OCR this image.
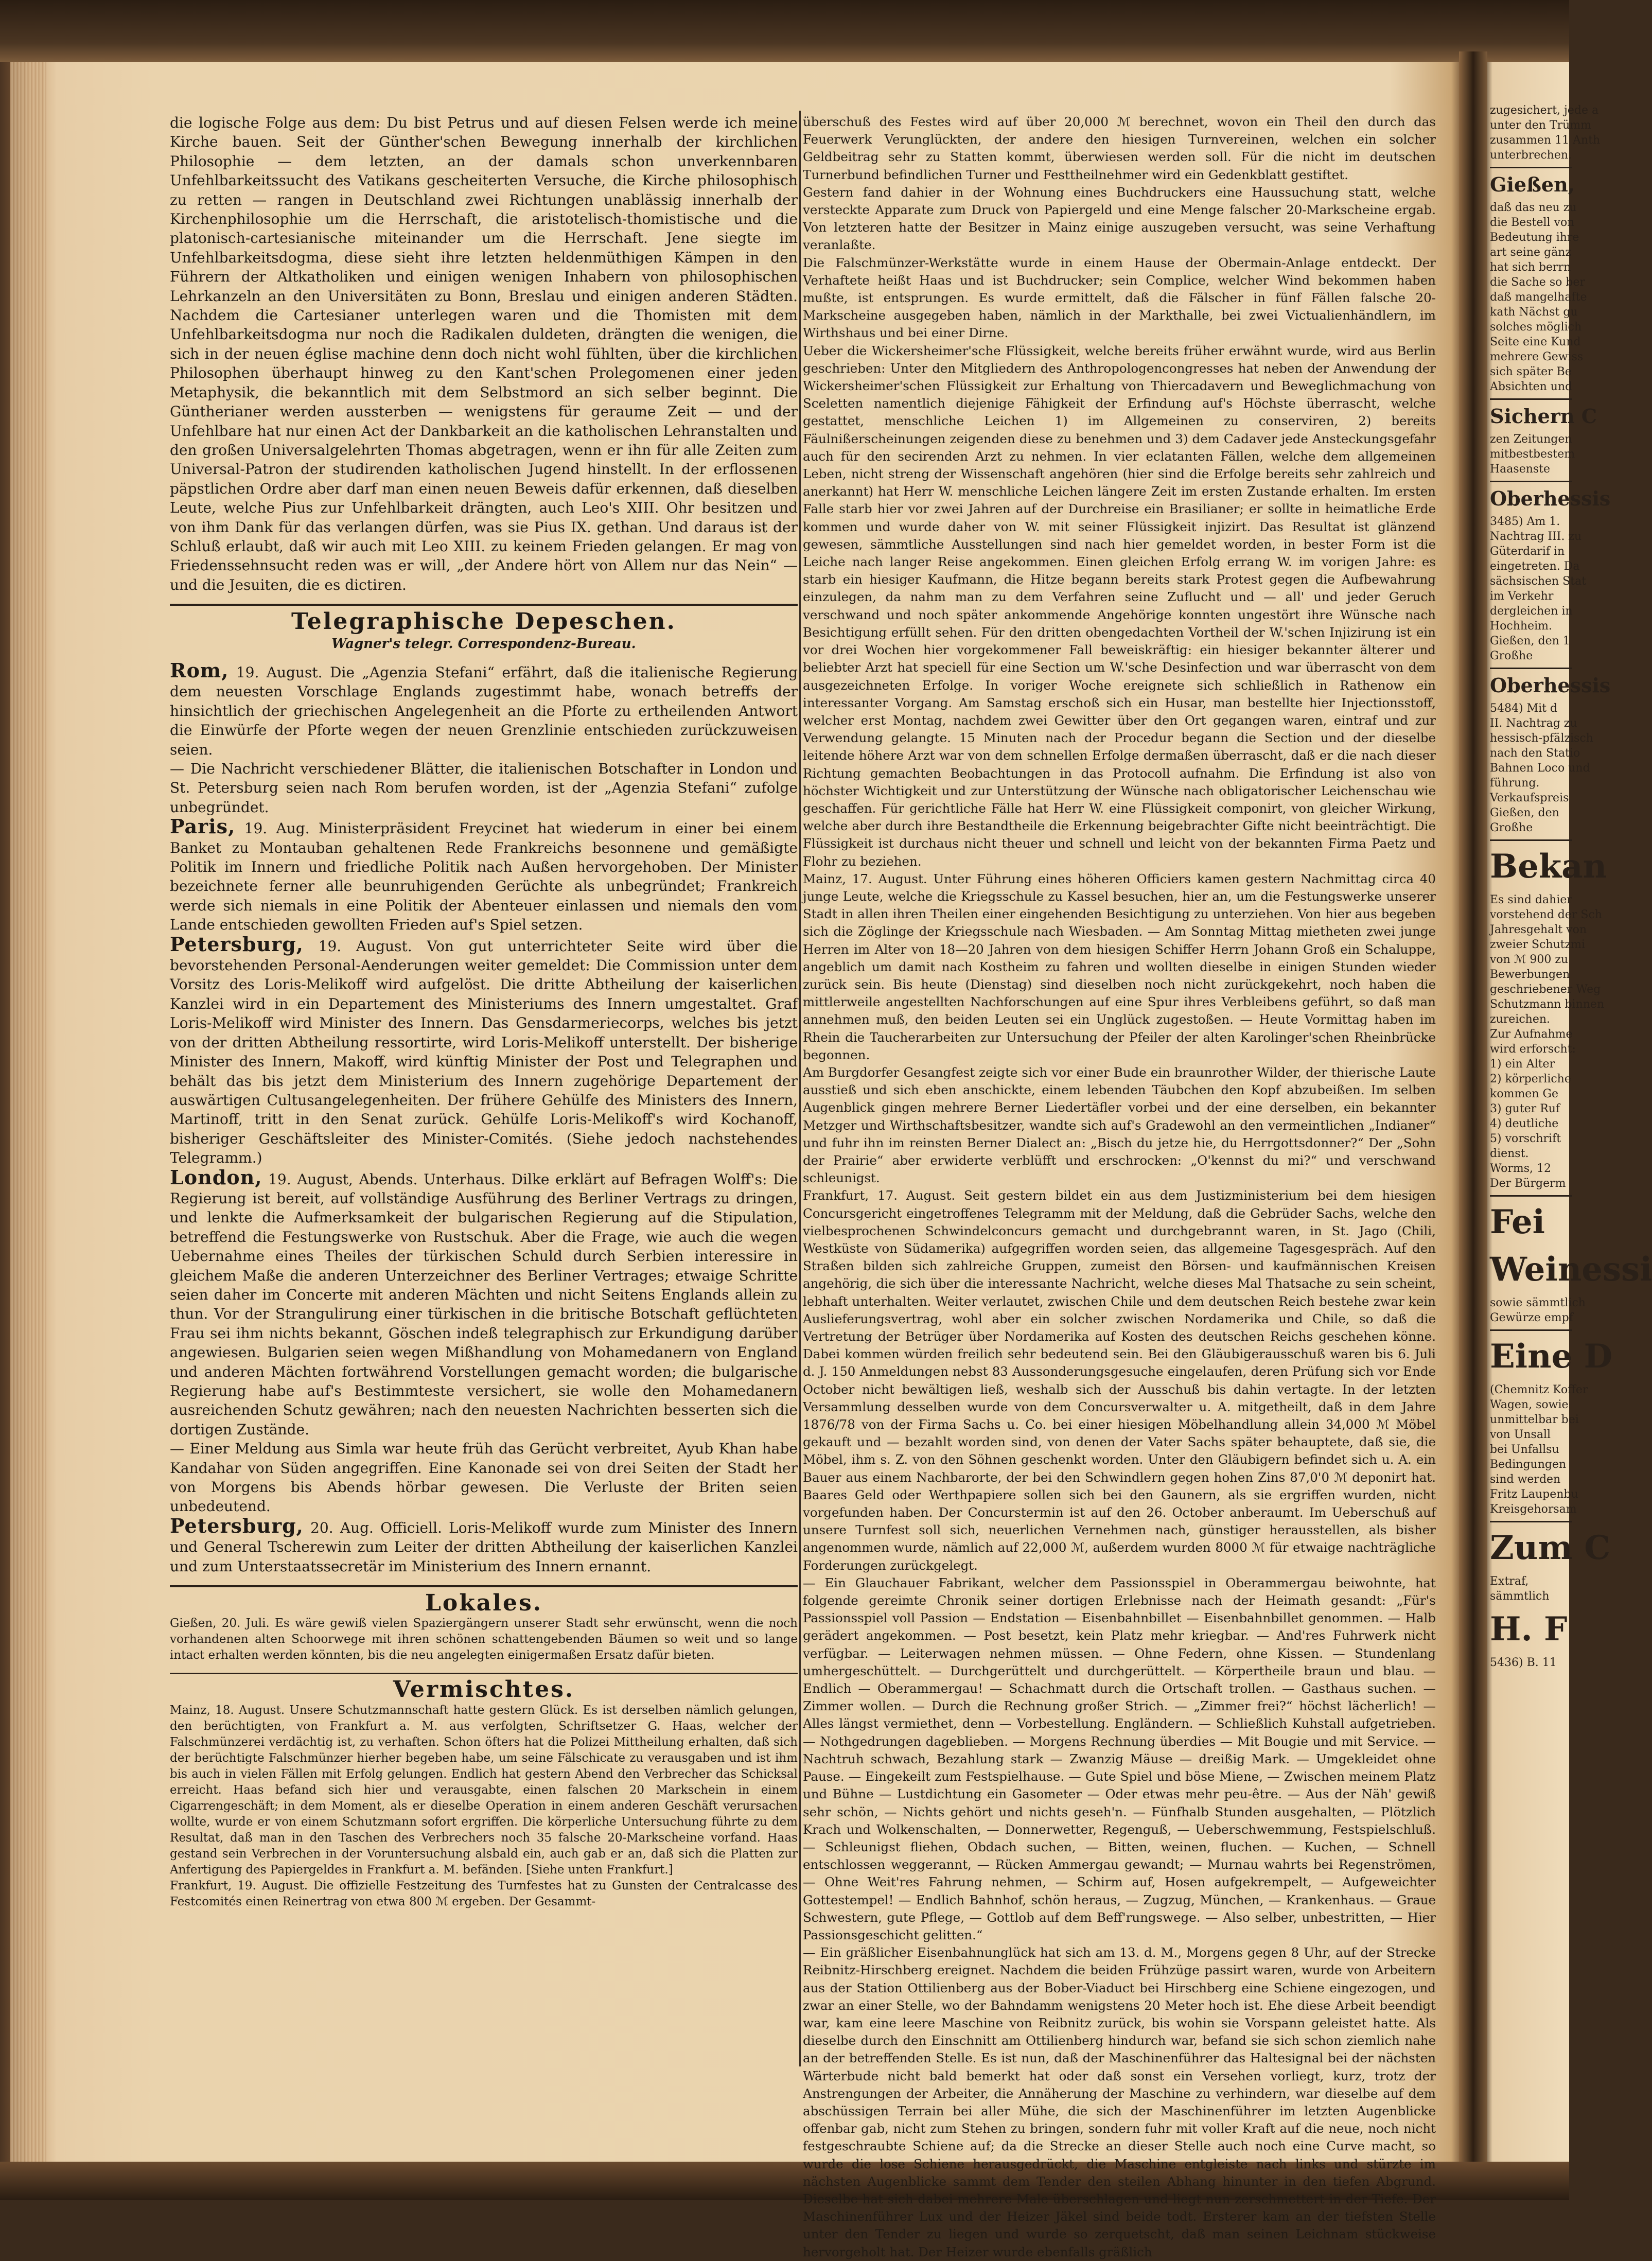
die logische Folge aus dem: Du bist Petrus und auf diesen Felsen werde ich meine Kirche bauen. Seit der Günther'schen Bewegung innerhalb der kirchlichen Philosophie — dem letzten, an der damals schon unverkennbaren Unfehlbarkeitssucht des Vatikans gescheiterten Versuche, die Kirche philosophisch zu retten — rangen in Deutschland zwei Richtungen unablässig innerhalb der Kirchenphilosophie um die Herrschaft, die aristotelisch-thomistische und die platonisch-cartesianische miteinander um die Herrschaft. Jene siegte im Unfehlbarkeitsdogma, diese sieht ihre letzten heldenmüthigen Kämpen in den Führern der Altkatholiken und einigen wenigen Inhabern von philosophischen Lehrkanzeln an den Universitäten zu Bonn, Breslau und einigen anderen Städten. Nachdem die Cartesianer unterlegen waren und die Thomisten mit dem Unfehlbarkeitsdogma nur noch die Radikalen duldeten, drängten die wenigen, die sich in der neuen église machine denn doch nicht wohl fühlten, über die kirchlichen Philosophen überhaupt hinweg zu den Kant'schen Prolegomenen einer jeden Metaphysik, die bekanntlich mit dem Selbstmord an sich selber beginnt. Die Güntherianer werden aussterben — wenigstens für geraume Zeit — und der Unfehlbare hat nur einen Act der Dankbarkeit an die katholischen Lehranstalten und den großen Universalgelehrten Thomas abgetragen, wenn er ihn für alle Zeiten zum Universal-Patron der studirenden katholischen Jugend hinstellt. In der erflossenen päpstlichen Ordre aber darf man einen neuen Beweis dafür erkennen, daß dieselben Leute, welche Pius zur Unfehlbarkeit drängten, auch Leo's XIII. Ohr besitzen und von ihm Dank für das verlangen dürfen, was sie Pius IX. gethan. Und daraus ist der Schluß erlaubt, daß wir auch mit Leo XIII. zu keinem Frieden gelangen. Er mag von Friedenssehnsucht reden was er will, „der Andere hört von Allem nur das Nein“ — und die Jesuiten, die es dictiren.

Telegraphische Depeschen.
Wagner's telegr. Correspondenz-Bureau.

Rom, 19. August. Die „Agenzia Stefani“ erfährt, daß die italienische Regierung dem neuesten Vorschlage Englands zugestimmt habe, wonach betreffs der hinsichtlich der griechischen Angelegenheit an die Pforte zu ertheilenden Antwort die Einwürfe der Pforte wegen der neuen Grenzlinie entschieden zurückzuweisen seien.

— Die Nachricht verschiedener Blätter, die italienischen Botschafter in London und St. Petersburg seien nach Rom berufen worden, ist der „Agenzia Stefani“ zufolge unbegründet.

Paris, 19. Aug. Ministerpräsident Freycinet hat wiederum in einer bei einem Banket zu Montauban gehaltenen Rede Frankreichs besonnene und gemäßigte Politik im Innern und friedliche Politik nach Außen hervorgehoben. Der Minister bezeichnete ferner alle beunruhigenden Gerüchte als unbegründet; Frankreich werde sich niemals in eine Politik der Abenteuer einlassen und niemals den vom Lande entschieden gewollten Frieden auf's Spiel setzen.

Petersburg, 19. August. Von gut unterrichteter Seite wird über die bevorstehenden Personal-Aenderungen weiter gemeldet: Die Commission unter dem Vorsitz des Loris-Melikoff wird aufgelöst. Die dritte Abtheilung der kaiserlichen Kanzlei wird in ein Departement des Ministeriums des Innern umgestaltet. Graf Loris-Melikoff wird Minister des Innern. Das Gensdarmeriecorps, welches bis jetzt von der dritten Abtheilung ressortirte, wird Loris-Melikoff unterstellt. Der bisherige Minister des Innern, Makoff, wird künftig Minister der Post und Telegraphen und behält das bis jetzt dem Ministerium des Innern zugehörige Departement der auswärtigen Cultusangelegenheiten. Der frühere Gehülfe des Ministers des Innern, Martinoff, tritt in den Senat zurück. Gehülfe Loris-Melikoff's wird Kochanoff, bisheriger Geschäftsleiter des Minister-Comités. (Siehe jedoch nachstehendes Telegramm.)

London, 19. August, Abends. Unterhaus. Dilke erklärt auf Befragen Wolff's: Die Regierung ist bereit, auf vollständige Ausführung des Berliner Vertrags zu dringen, und lenkte die Aufmerksamkeit der bulgarischen Regierung auf die Stipulation, betreffend die Festungswerke von Rustschuk. Aber die Frage, wie auch die wegen Uebernahme eines Theiles der türkischen Schuld durch Serbien interessire in gleichem Maße die anderen Unterzeichner des Berliner Vertrages; etwaige Schritte seien daher im Concerte mit anderen Mächten und nicht Seitens Englands allein zu thun. Vor der Strangulirung einer türkischen in die britische Botschaft geflüchteten Frau sei ihm nichts bekannt, Göschen indeß telegraphisch zur Erkundigung darüber angewiesen. Bulgarien seien wegen Mißhandlung von Mohamedanern von England und anderen Mächten fortwährend Vorstellungen gemacht worden; die bulgarische Regierung habe auf's Bestimmteste versichert, sie wolle den Mohamedanern ausreichenden Schutz gewähren; nach den neuesten Nachrichten besserten sich die dortigen Zustände.

— Einer Meldung aus Simla war heute früh das Gerücht verbreitet, Ayub Khan habe Kandahar von Süden angegriffen. Eine Kanonade sei von drei Seiten der Stadt her von Morgens bis Abends hörbar gewesen. Die Verluste der Briten seien unbedeutend.

Petersburg, 20. Aug. Officiell. Loris-Melikoff wurde zum Minister des Innern und General Tscherewin zum Leiter der dritten Abtheilung der kaiserlichen Kanzlei und zum Unterstaatssecretär im Ministerium des Innern ernannt.

Lokales.

Gießen, 20. Juli. Es wäre gewiß vielen Spaziergängern unserer Stadt sehr erwünscht, wenn die noch vorhandenen alten Schoorwege mit ihren schönen schattengebenden Bäumen so weit und so lange intact erhalten werden könnten, bis die neu angelegten einigermaßen Ersatz dafür bieten.

Vermischtes.

Mainz, 18. August. Unsere Schutzmannschaft hatte gestern Glück. Es ist derselben nämlich gelungen, den berüchtigten, von Frankfurt a. M. aus verfolgten, Schriftsetzer G. Haas, welcher der Falschmünzerei verdächtig ist, zu verhaften. Schon öfters hat die Polizei Mittheilung erhalten, daß sich der berüchtigte Falschmünzer hierher begeben habe, um seine Fälschicate zu verausgaben und ist ihm bis auch in vielen Fällen mit Erfolg gelungen. Endlich hat gestern Abend den Verbrecher das Schicksal erreicht. Haas befand sich hier und verausgabte, einen falschen 20 Markschein in einem Cigarrengeschäft; in dem Moment, als er dieselbe Operation in einem anderen Geschäft verursachen wollte, wurde er von einem Schutzmann sofort ergriffen. Die körperliche Untersuchung führte zu dem Resultat, daß man in den Taschen des Verbrechers noch 35 falsche 20-Markscheine vorfand. Haas gestand sein Verbrechen in der Voruntersuchung alsbald ein, auch gab er an, daß sich die Platten zur Anfertigung des Papiergeldes in Frankfurt a. M. befänden. [Siehe unten Frankfurt.]

Frankfurt, 19. August. Die offizielle Festzeitung des Turnfestes hat zu Gunsten der Centralcasse des Festcomités einen Reinertrag von etwa 800 ℳ ergeben. Der Gesammt-

überschuß des Festes wird auf über 20,000 ℳ berechnet, wovon ein Theil den durch das Feuerwerk Verunglückten, der andere den hiesigen Turnvereinen, welchen ein solcher Geldbeitrag sehr zu Statten kommt, überwiesen werden soll. Für die nicht im deutschen Turnerbund befindlichen Turner und Festtheilnehmer wird ein Gedenkblatt gestiftet.

Gestern fand dahier in der Wohnung eines Buchdruckers eine Haussuchung statt, welche versteckte Apparate zum Druck von Papiergeld und eine Menge falscher 20-Markscheine ergab. Von letzteren hatte der Besitzer in Mainz einige auszugeben versucht, was seine Verhaftung veranlaßte.

Die Falschmünzer-Werkstätte wurde in einem Hause der Obermain-Anlage entdeckt. Der Verhaftete heißt Haas und ist Buchdrucker; sein Complice, welcher Wind bekommen haben mußte, ist entsprungen. Es wurde ermittelt, daß die Fälscher in fünf Fällen falsche 20-Markscheine ausgegeben haben, nämlich in der Markthalle, bei zwei Victualienhändlern, im Wirthshaus und bei einer Dirne.

Ueber die Wickersheimer'sche Flüssigkeit, welche bereits früher erwähnt wurde, wird aus Berlin geschrieben: Unter den Mitgliedern des Anthropologencongresses hat neben der Anwendung der Wickersheimer'schen Flüssigkeit zur Erhaltung von Thiercadavern und Beweglichmachung von Sceletten namentlich diejenige Fähigkeit der Erfindung auf's Höchste überrascht, welche gestattet, menschliche Leichen 1) im Allgemeinen zu conserviren, 2) bereits Fäulnißerscheinungen zeigenden diese zu benehmen und 3) dem Cadaver jede Ansteckungsgefahr auch für den secirenden Arzt zu nehmen. In vier eclatanten Fällen, welche dem allgemeinen Leben, nicht streng der Wissenschaft angehören (hier sind die Erfolge bereits sehr zahlreich und anerkannt) hat Herr W. menschliche Leichen längere Zeit im ersten Zustande erhalten. Im ersten Falle starb hier vor zwei Jahren auf der Durchreise ein Brasilianer; er sollte in heimatliche Erde kommen und wurde daher von W. mit seiner Flüssigkeit injizirt. Das Resultat ist glänzend gewesen, sämmtliche Ausstellungen sind nach hier gemeldet worden, in bester Form ist die Leiche nach langer Reise angekommen. Einen gleichen Erfolg errang W. im vorigen Jahre: es starb ein hiesiger Kaufmann, die Hitze begann bereits stark Protest gegen die Aufbewahrung einzulegen, da nahm man zu dem Verfahren seine Zuflucht und — all' und jeder Geruch verschwand und noch später ankommende Angehörige konnten ungestört ihre Wünsche nach Besichtigung erfüllt sehen. Für den dritten obengedachten Vortheil der W.'schen Injizirung ist ein vor drei Wochen hier vorgekommener Fall beweiskräftig: ein hiesiger bekannter älterer und beliebter Arzt hat speciell für eine Section um W.'sche Desinfection und war überrascht von dem ausgezeichneten Erfolge. In voriger Woche ereignete sich schließlich in Rathenow ein interessanter Vorgang. Am Samstag erschoß sich ein Husar, man bestellte hier Injectionsstoff, welcher erst Montag, nachdem zwei Gewitter über den Ort gegangen waren, eintraf und zur Verwendung gelangte. 15 Minuten nach der Procedur begann die Section und der dieselbe leitende höhere Arzt war von dem schnellen Erfolge dermaßen überrascht, daß er die nach dieser Richtung gemachten Beobachtungen in das Protocoll aufnahm. Die Erfindung ist also von höchster Wichtigkeit und zur Unterstützung der Wünsche nach obligatorischer Leichenschau wie geschaffen. Für gerichtliche Fälle hat Herr W. eine Flüssigkeit componirt, von gleicher Wirkung, welche aber durch ihre Bestandtheile die Erkennung beigebrachter Gifte nicht beeinträchtigt. Die Flüssigkeit ist durchaus nicht theuer und schnell und leicht von der bekannten Firma Paetz und Flohr zu beziehen.

Mainz, 17. August. Unter Führung eines höheren Officiers kamen gestern Nachmittag circa 40 junge Leute, welche die Kriegsschule zu Kassel besuchen, hier an, um die Festungswerke unserer Stadt in allen ihren Theilen einer eingehenden Besichtigung zu unterziehen. Von hier aus begeben sich die Zöglinge der Kriegsschule nach Wiesbaden. — Am Sonntag Mittag mietheten zwei junge Herren im Alter von 18—20 Jahren von dem hiesigen Schiffer Herrn Johann Groß ein Schaluppe, angeblich um damit nach Kostheim zu fahren und wollten dieselbe in einigen Stunden wieder zurück sein. Bis heute (Dienstag) sind dieselben noch nicht zurückgekehrt, noch haben die mittlerweile angestellten Nachforschungen auf eine Spur ihres Verbleibens geführt, so daß man annehmen muß, den beiden Leuten sei ein Unglück zugestoßen. — Heute Vormittag haben im Rhein die Taucherarbeiten zur Untersuchung der Pfeiler der alten Karolinger'schen Rheinbrücke begonnen.

Am Burgdorfer Gesangfest zeigte sich vor einer Bude ein braunrother Wilder, der thierische Laute ausstieß und sich eben anschickte, einem lebenden Täubchen den Kopf abzubeißen. Im selben Augenblick gingen mehrere Berner Liedertäfler vorbei und der eine derselben, ein bekannter Metzger und Wirthschaftsbesitzer, wandte sich auf's Gradewohl an den vermeintlichen „Indianer“ und fuhr ihn im reinsten Berner Dialect an: „Bisch du jetze hie, du Herrgottsdonner?“ Der „Sohn der Prairie“ aber erwiderte verblüfft und erschrocken: „O'kennst du mi?“ und verschwand schleunigst.

Frankfurt, 17. August. Seit gestern bildet ein aus dem Justizministerium bei dem hiesigen Concursgericht eingetroffenes Telegramm mit der Meldung, daß die Gebrüder Sachs, welche den vielbesprochenen Schwindelconcurs gemacht und durchgebrannt waren, in St. Jago (Chili, Westküste von Südamerika) aufgegriffen worden seien, das allgemeine Tagesgespräch. Auf den Straßen bilden sich zahlreiche Gruppen, zumeist den Börsen- und kaufmännischen Kreisen angehörig, die sich über die interessante Nachricht, welche dieses Mal Thatsache zu sein scheint, lebhaft unterhalten. Weiter verlautet, zwischen Chile und dem deutschen Reich bestehe zwar kein Auslieferungsvertrag, wohl aber ein solcher zwischen Nordamerika und Chile, so daß die Vertretung der Betrüger über Nordamerika auf Kosten des deutschen Reichs geschehen könne. Dabei kommen würden freilich sehr bedeutend sein. Bei den Gläubigerausschuß waren bis 6. Juli d. J. 150 Anmeldungen nebst 83 Aussonderungsgesuche eingelaufen, deren Prüfung sich vor Ende October nicht bewältigen ließ, weshalb sich der Ausschuß bis dahin vertagte. In der letzten Versammlung desselben wurde von dem Concursverwalter u. A. mitgetheilt, daß in dem Jahre 1876/78 von der Firma Sachs u. Co. bei einer hiesigen Möbelhandlung allein 34,000 ℳ Möbel gekauft und — bezahlt worden sind, von denen der Vater Sachs später behauptete, daß sie, die Möbel, ihm s. Z. von den Söhnen geschenkt worden. Unter den Gläubigern befindet sich u. A. ein Bauer aus einem Nachbarorte, der bei den Schwindlern gegen hohen Zins 87,0'0 ℳ deponirt hat. Baares Geld oder Werthpapiere sollen sich bei den Gaunern, als sie ergriffen wurden, nicht vorgefunden haben. Der Concurstermin ist auf den 26. October anberaumt. Im Ueberschuß auf unsere Turnfest soll sich, neuerlichen Vernehmen nach, günstiger herausstellen, als bisher angenommen wurde, nämlich auf 22,000 ℳ, außerdem wurden 8000 ℳ für etwaige nachträgliche Forderungen zurückgelegt.

— Ein Glauchauer Fabrikant, welcher dem Passionsspiel in Oberammergau beiwohnte, hat folgende gereimte Chronik seiner dortigen Erlebnisse nach der Heimath gesandt: „Für's Passionsspiel voll Passion — Endstation — Eisenbahnbillet — Eisenbahnbillet genommen. — Halb gerädert angekommen. — Post besetzt, kein Platz mehr kriegbar. — And'res Fuhrwerk nicht verfügbar. — Leiterwagen nehmen müssen. — Ohne Federn, ohne Kissen. — Stundenlang umhergeschüttelt. — Durchgerüttelt und durchgerüttelt. — Körpertheile braun und blau. — Endlich — Oberammergau! — Schachmatt durch die Ortschaft trollen. — Gasthaus suchen. — Zimmer wollen. — Durch die Rechnung großer Strich. — „Zimmer frei?“ höchst lächerlich! — Alles längst vermiethet, denn — Vorbestellung. Engländern. — Schließlich Kuhstall aufgetrieben. — Nothgedrungen dageblieben. — Morgens Rechnung überdies — Mit Bougie und mit Service. — Nachtruh schwach, Bezahlung stark — Zwanzig Mäuse — dreißig Mark. — Umgekleidet ohne Pause. — Eingekeilt zum Festspielhause. — Gute Spiel und böse Miene, — Zwischen meinem Platz und Bühne — Lustdichtung ein Gasometer — Oder etwas mehr peu-être. — Aus der Näh' gewiß sehr schön, — Nichts gehört und nichts geseh'n. — Fünfhalb Stunden ausgehalten, — Plötzlich Krach und Wolkenschalten, — Donnerwetter, Regenguß, — Ueberschwemmung, Festspielschluß. — Schleunigst fliehen, Obdach suchen, — Bitten, weinen, fluchen. — Kuchen, — Schnell entschlossen weggerannt, — Rücken Ammergau gewandt; — Murnau wahrts bei Regenströmen, — Ohne Weit'res Fahrung nehmen, — Schirm auf, Hosen aufgekrempelt, — Aufgeweichter Gottestempel! — Endlich Bahnhof, schön heraus, — Zugzug, München, — Krankenhaus. — Graue Schwestern, gute Pflege, — Gottlob auf dem Beff'rungswege. — Also selber, unbestritten, — Hier Passionsgeschicht gelitten.“

— Ein gräßlicher Eisenbahnunglück hat sich am 13. d. M., Morgens gegen 8 Uhr, auf der Strecke Reibnitz-Hirschberg ereignet. Nachdem die beiden Frühzüge passirt waren, wurde von Arbeitern aus der Station Ottilienberg aus der Bober-Viaduct bei Hirschberg eine Schiene eingezogen, und zwar an einer Stelle, wo der Bahndamm wenigstens 20 Meter hoch ist. Ehe diese Arbeit beendigt war, kam eine leere Maschine von Reibnitz zurück, bis wohin sie Vorspann geleistet hatte. Als dieselbe durch den Einschnitt am Ottilienberg hindurch war, befand sie sich schon ziemlich nahe an der betreffenden Stelle. Es ist nun, daß der Maschinenführer das Haltesignal bei der nächsten Wärterbude nicht bald bemerkt hat oder daß sonst ein Versehen vorliegt, kurz, trotz der Anstrengungen der Arbeiter, die Annäherung der Maschine zu verhindern, war dieselbe auf dem abschüssigen Terrain bei aller Mühe, die sich der Maschinenführer im letzten Augenblicke offenbar gab, nicht zum Stehen zu bringen, sondern fuhr mit voller Kraft auf die neue, noch nicht festgeschraubte Schiene auf; da die Strecke an dieser Stelle auch noch eine Curve macht, so wurde die lose Schiene herausgedrückt, die Maschine entgleiste nach links und stürzte im nächsten Augenblicke sammt dem Tender den steilen Abhang hinunter in den tiefen Abgrund. Dieselbe hat sich dabei mehrere Male überschlagen und liegt nun zerschmettert in der Tiefe. Der Maschinenführer Lux und der Heizer Jäkel sind beide todt. Ersterer kam an der tiefsten Stelle unter den Tender zu liegen und wurde so zerquetscht, daß man seinen Leichnam stückweise hervorgeholt hat. Der Heizer wurde ebenfalls gräßlich

zugesichert, jede a
unter den Trümm
zusammen 11 Anth
unterbrechen.
Gießen,
daß das neu zu
die Bestell von
Bedeutung ihre
art seine gänz
hat sich berrn
die Sache so ber
daß mangelhafte
kath Nächst gu
solches möglich
Seite eine Kund
mehrere Gewiss
sich später Be
Absichten und
Sichern C
zen Zeitungen
mitbestbestem
Haasenste
Oberhessis
3485) Am 1.
Nachtrag III. zu
Güterdarif in
eingetreten. Da
sächsischen Stat
im Verkehr
dergleichen in
Hochheim.
Gießen, den 1
Großhe
Oberhessis
5484) Mit d
II. Nachtrag zu
hessisch-pfälzisch
nach den Statio
Bahnen Loco und
führung.
Verkaufspreis
Gießen, den
Großhe
Bekan
Es sind dahier
vorstehend der Sch
Jahresgehalt von
zweier Schutzmi
von ℳ 900 zu
Bewerbungen
geschriebener Weg
Schutzmann binnen
zureichen.
Zur Aufnahme
wird erforscht:
1) ein Alter
2) körperliche
kommen Ge
3) guter Ruf
4) deutliche
5) vorschrift
dienst.
Worms, 12
Der Bürgerm
Fei
Weinessi
sowie sämmtlich
Gewürze empf
Eine D
(Chemnitz Koffer
Wagen, sowie
unmittelbar bei
von Unsall
bei Unfallsu
Bedingungen
sind werden
Fritz Laupenbu
Kreisgehorsam
Zum C
Extraf,
sämmtlich
H. F
5436) B. 11
